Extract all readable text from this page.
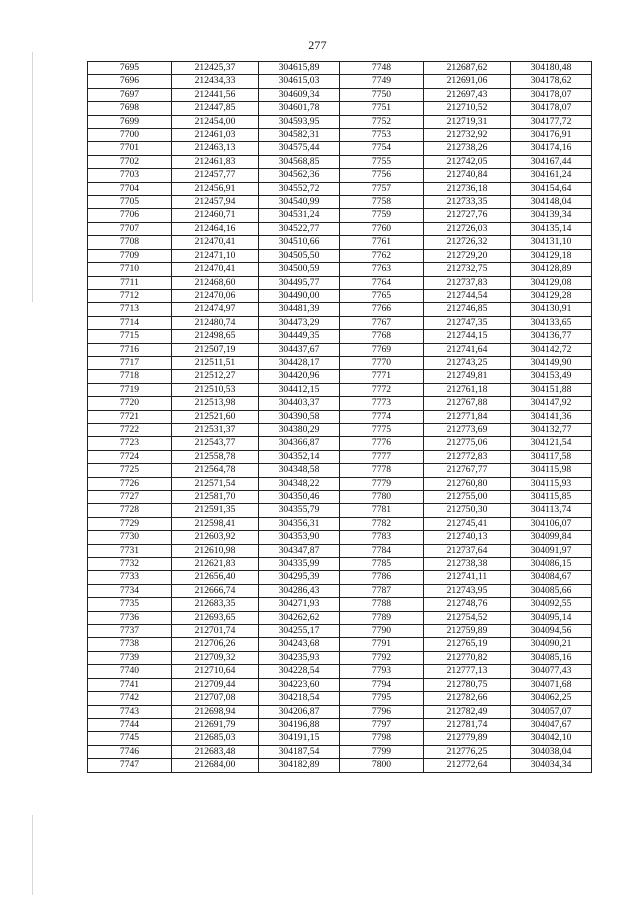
277
7695	212425,37	304615,89	7748	212687,62	304180,48
7696	212434,33	304615,03	7749	212691,06	304178,62
7697	212441,56	304609,34	7750	212697,43	304178,07
7698	212447,85	304601,78	7751	212710,52	304178,07
7699	212454,00	304593,95	7752	212719,31	304177,72
7700	212461,03	304582,31	7753	212732,92	304176,91
7701	212463,13	304575,44	7754	212738,26	304174,16
7702	212461,83	304568,85	7755	212742,05	304167,44
7703	212457,77	304562,36	7756	212740,84	304161,24
7704	212456,91	304552,72	7757	212736,18	304154,64
7705	212457,94	304540,99	7758	212733,35	304148,04
7706	212460,71	304531,24	7759	212727,76	304139,34
7707	212464,16	304522,77	7760	212726,03	304135,14
7708	212470,41	304510,66	7761	212726,32	304131,10
7709	212471,10	304505,50	7762	212729,20	304129,18
7710	212470,41	304500,59	7763	212732,75	304128,89
7711	212468,60	304495,77	7764	212737,83	304129,08
7712	212470,06	304490,00	7765	212744,54	304129,28
7713	212474,97	304481,39	7766	212746,85	304130,91
7714	212480,74	304473,29	7767	212747,35	304133,65
7715	212498,65	304449,35	7768	212744,15	304136,77
7716	212507,19	304437,67	7769	212741,64	304142,72
7717	212511,51	304428,17	7770	212743,25	304149,90
7718	212512,27	304420,96	7771	212749,81	304153,49
7719	212510,53	304412,15	7772	212761,18	304151,88
7720	212513,98	304403,37	7773	212767,88	304147,92
7721	212521,60	304390,58	7774	212771,84	304141,36
7722	212531,37	304380,29	7775	212773,69	304132,77
7723	212543,77	304366,87	7776	212775,06	304121,54
7724	212558,78	304352,14	7777	212772,83	304117,58
7725	212564,78	304348,58	7778	212767,77	304115,98
7726	212571,54	304348,22	7779	212760,80	304115,93
7727	212581,70	304350,46	7780	212755,00	304115,85
7728	212591,35	304355,79	7781	212750,30	304113,74
7729	212598,41	304356,31	7782	212745,41	304106,07
7730	212603,92	304353,90	7783	212740,13	304099,84
7731	212610,98	304347,87	7784	212737,64	304091,97
7732	212621,83	304335,99	7785	212738,38	304086,15
7733	212656,40	304295,39	7786	212741,11	304084,67
7734	212666,74	304286,43	7787	212743,95	304085,66
7735	212683,35	304271,93	7788	212748,76	304092,55
7736	212693,65	304262,62	7789	212754,52	304095,14
7737	212701,74	304255,17	7790	212759,89	304094,56
7738	212706,26	304243,68	7791	212765,19	304090,21
7739	212709,32	304235,93	7792	212770,82	304085,16
7740	212710,64	304228,54	7793	212777,13	304077,43
7741	212709,44	304223,60	7794	212780,75	304071,68
7742	212707,08	304218,54	7795	212782,66	304062,25
7743	212698,94	304206,87	7796	212782,49	304057,07
7744	212691,79	304196,88	7797	212781,74	304047,67
7745	212685,03	304191,15	7798	212779,89	304042,10
7746	212683,48	304187,54	7799	212776,25	304038,04
7747	212684,00	304182,89	7800	212772,64	304034,34
